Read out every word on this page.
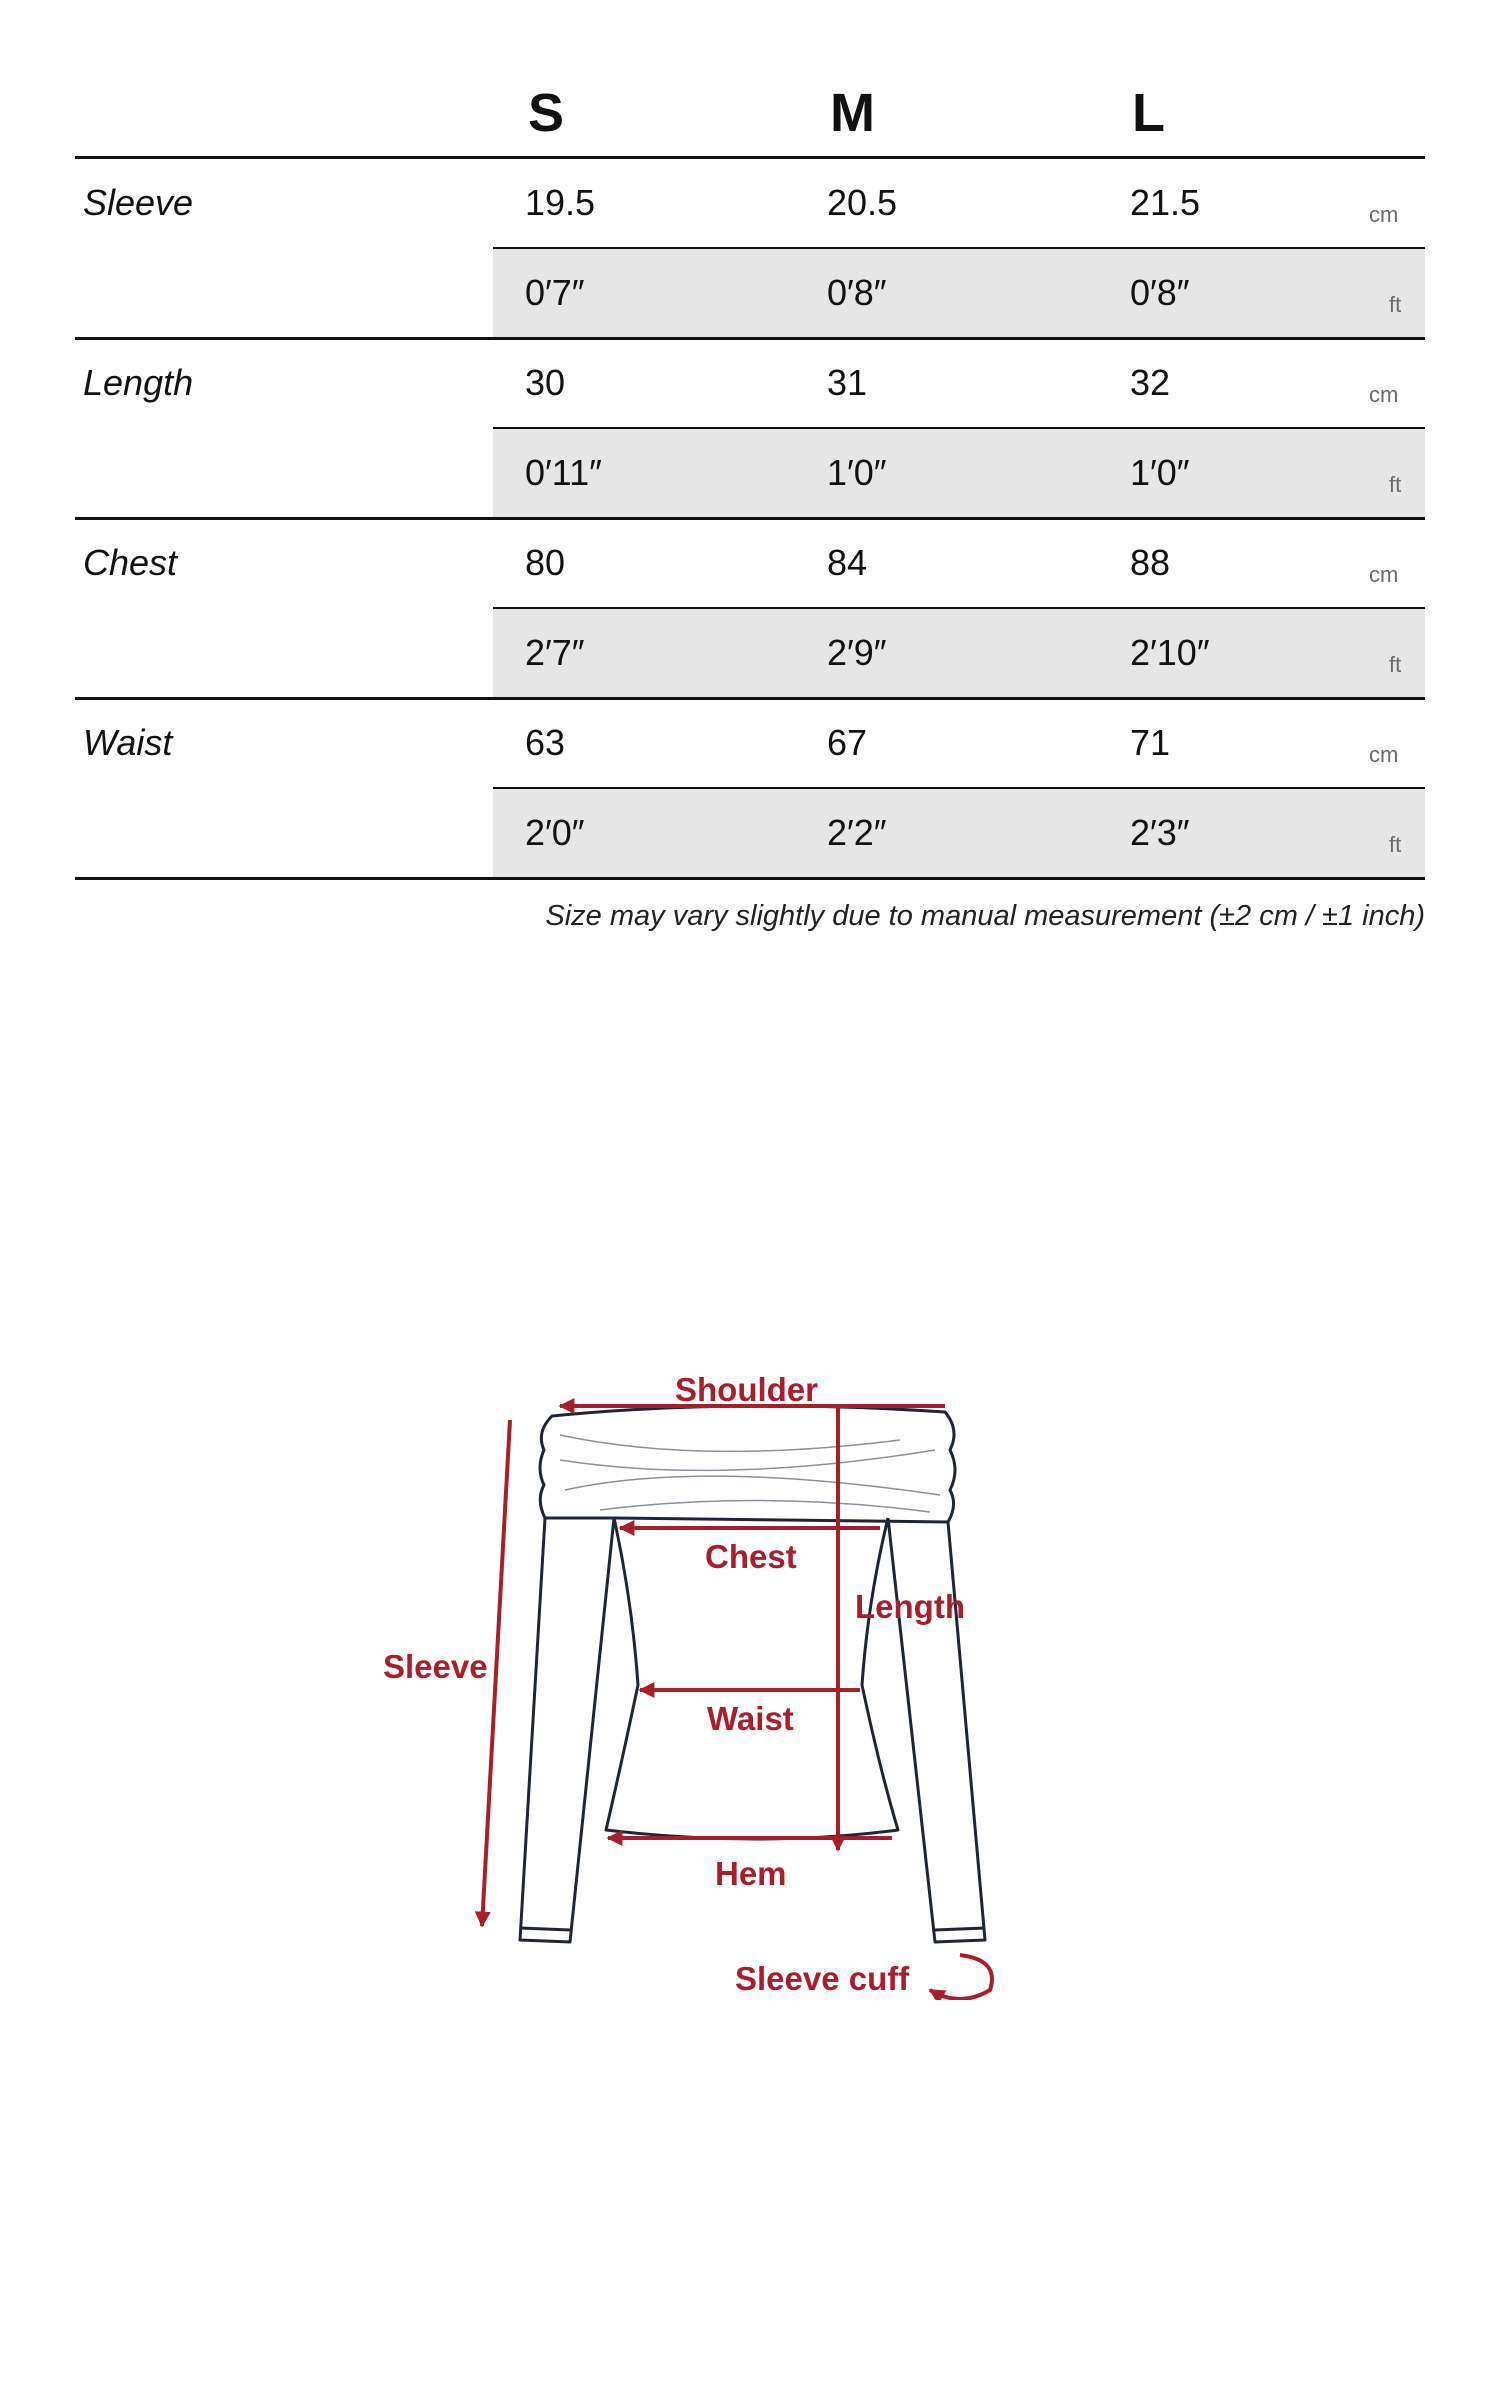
S	M	L
Sleeve	19.5	20.5	21.5	cm
0′7″	0′8″	0′8″	ft
Length	30	31	32	cm
0′11″	1′0″	1′0″	ft
Chest	80	84	88	cm
2′7″	2′9″	2′10″	ft
Waist	63	67	71	cm
2′0″	2′2″	2′3″	ft
Size may vary slightly due to manual measurement (±2 cm / ±1 inch)
Shoulder
Chest
Length
Sleeve
Waist
Hem
Sleeve cuff
